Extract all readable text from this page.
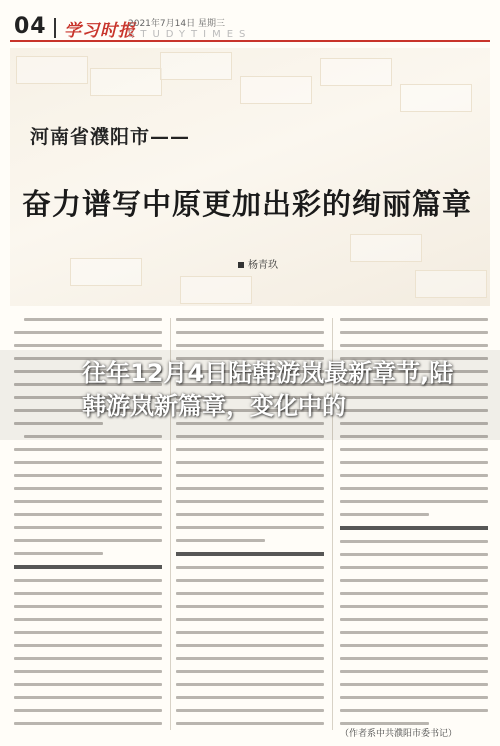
04 学习时报
2021年7月14日 星期三
STUDYTIMES
河南省濮阳市——
奋力谱写中原更加出彩的绚丽篇章
杨青玖
往年12月4日陆韩游岚最新章节,陆韩游岚新篇章，变化中的
（作者系中共濮阳市委书记）
